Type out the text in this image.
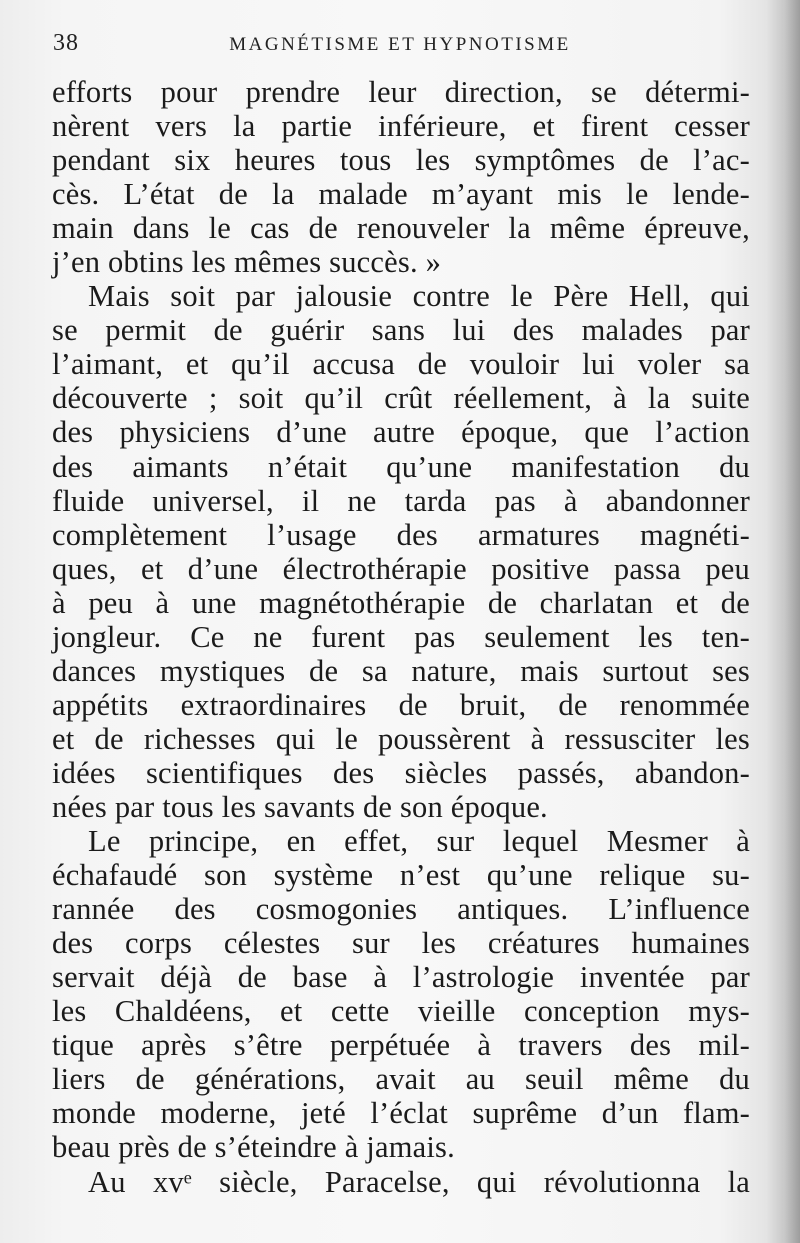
38	MAGNÉTISME ET HYPNOTISME
efforts pour prendre leur direction, se détermi-
nèrent vers la partie inférieure, et firent cesser
pendant six heures tous les symptômes de l’ac-
cès. L’état de la malade m’ayant mis le lende-
main dans le cas de renouveler la même épreuve,
j’en obtins les mêmes succès. »
Mais soit par jalousie contre le Père Hell, qui
se permit de guérir sans lui des malades par
l’aimant, et qu’il accusa de vouloir lui voler sa
découverte ; soit qu’il crût réellement, à la suite
des physiciens d’une autre époque, que l’action
des aimants n’était qu’une manifestation du
fluide universel, il ne tarda pas à abandonner
complètement l’usage des armatures magnéti-
ques, et d’une électrothérapie positive passa peu
à peu à une magnétothérapie de charlatan et de
jongleur. Ce ne furent pas seulement les ten-
dances mystiques de sa nature, mais surtout ses
appétits extraordinaires de bruit, de renommée
et de richesses qui le poussèrent à ressusciter les
idées scientifiques des siècles passés, abandon-
nées par tous les savants de son époque.
Le principe, en effet, sur lequel Mesmer à
échafaudé son système n’est qu’une relique su-
rannée des cosmogonies antiques. L’influence
des corps célestes sur les créatures humaines
servait déjà de base à l’astrologie inventée par
les Chaldéens, et cette vieille conception mys-
tique après s’être perpétuée à travers des mil-
liers de générations, avait au seuil même du
monde moderne, jeté l’éclat suprême d’un flam-
beau près de s’éteindre à jamais.
Au xvᵉ siècle, Paracelse, qui révolutionna la
